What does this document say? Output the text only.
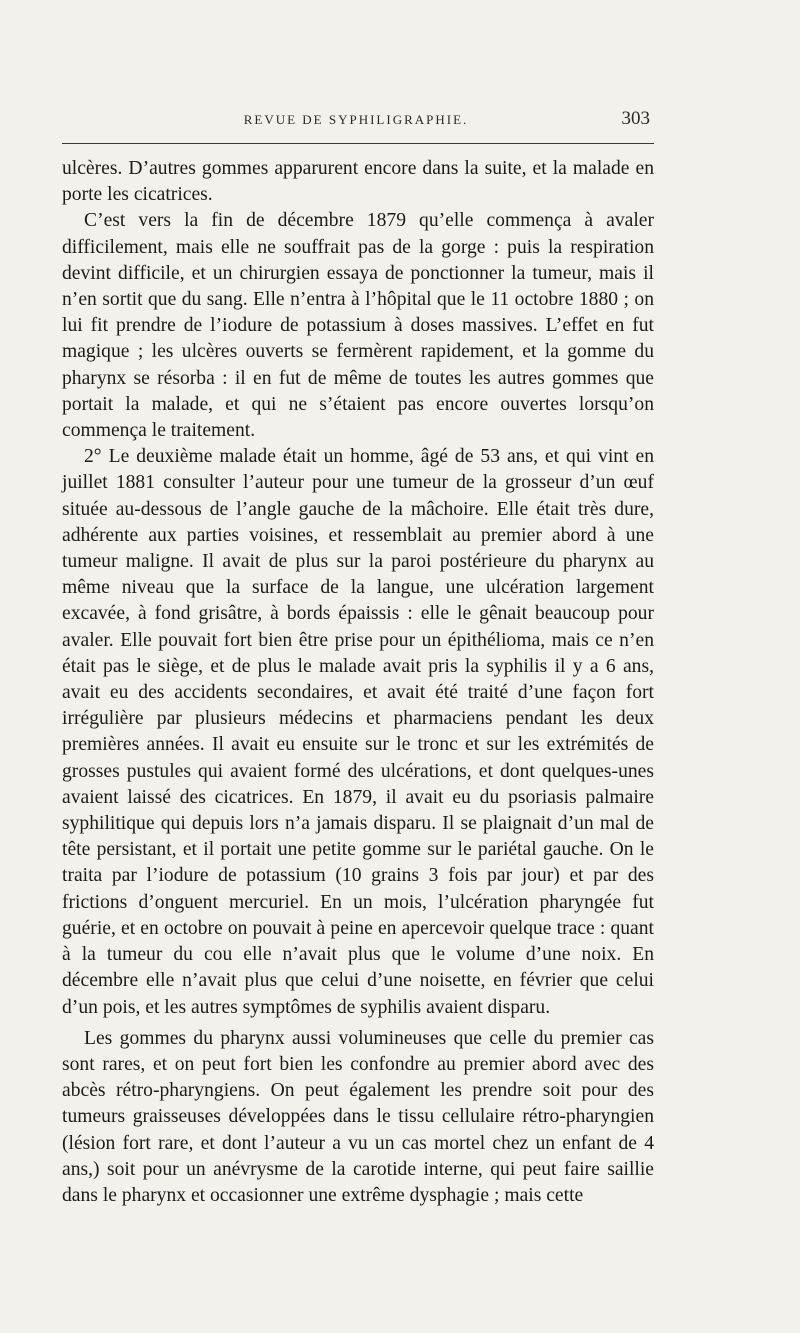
REVUE DE SYPHILIGRAPHIE.	303

ulcères. D’autres gommes apparurent encore dans la suite, et la malade en porte les cicatrices.

C’est vers la fin de décembre 1879 qu’elle commença à avaler difficilement, mais elle ne souffrait pas de la gorge : puis la respiration devint difficile, et un chirurgien essaya de ponctionner la tumeur, mais il n’en sortit que du sang. Elle n’entra à l’hôpital que le 11 octobre 1880 ; on lui fit prendre de l’iodure de potassium à doses massives. L’effet en fut magique ; les ulcères ouverts se fermèrent rapidement, et la gomme du pharynx se résorba : il en fut de même de toutes les autres gommes que portait la malade, et qui ne s’étaient pas encore ouvertes lorsqu’on commença le traitement.

2° Le deuxième malade était un homme, âgé de 53 ans, et qui vint en juillet 1881 consulter l’auteur pour une tumeur de la grosseur d’un œuf située au-dessous de l’angle gauche de la mâchoire. Elle était très dure, adhérente aux parties voisines, et ressemblait au premier abord à une tumeur maligne. Il avait de plus sur la paroi postérieure du pharynx au même niveau que la surface de la langue, une ulcération largement excavée, à fond grisâtre, à bords épaissis : elle le gênait beaucoup pour avaler. Elle pouvait fort bien être prise pour un épithélioma, mais ce n’en était pas le siège, et de plus le malade avait pris la syphilis il y a 6 ans, avait eu des accidents secondaires, et avait été traité d’une façon fort irrégulière par plusieurs médecins et pharmaciens pendant les deux premières années. Il avait eu ensuite sur le tronc et sur les extrémités de grosses pustules qui avaient formé des ulcérations, et dont quelques-unes avaient laissé des cicatrices. En 1879, il avait eu du psoriasis palmaire syphilitique qui depuis lors n’a jamais disparu. Il se plaignait d’un mal de tête persistant, et il portait une petite gomme sur le pariétal gauche. On le traita par l’iodure de potassium (10 grains 3 fois par jour) et par des frictions d’onguent mercuriel. En un mois, l’ulcération pharyngée fut guérie, et en octobre on pouvait à peine en apercevoir quelque trace : quant à la tumeur du cou elle n’avait plus que le volume d’une noix. En décembre elle n’avait plus que celui d’une noisette, en février que celui d’un pois, et les autres symptômes de syphilis avaient disparu.

Les gommes du pharynx aussi volumineuses que celle du premier cas sont rares, et on peut fort bien les confondre au premier abord avec des abcès rétro-pharyngiens. On peut également les prendre soit pour des tumeurs graisseuses développées dans le tissu cellulaire rétro-pharyngien (lésion fort rare, et dont l’auteur a vu un cas mortel chez un enfant de 4 ans,) soit pour un anévrysme de la carotide interne, qui peut faire saillie dans le pharynx et occasionner une extrême dysphagie ; mais cette
